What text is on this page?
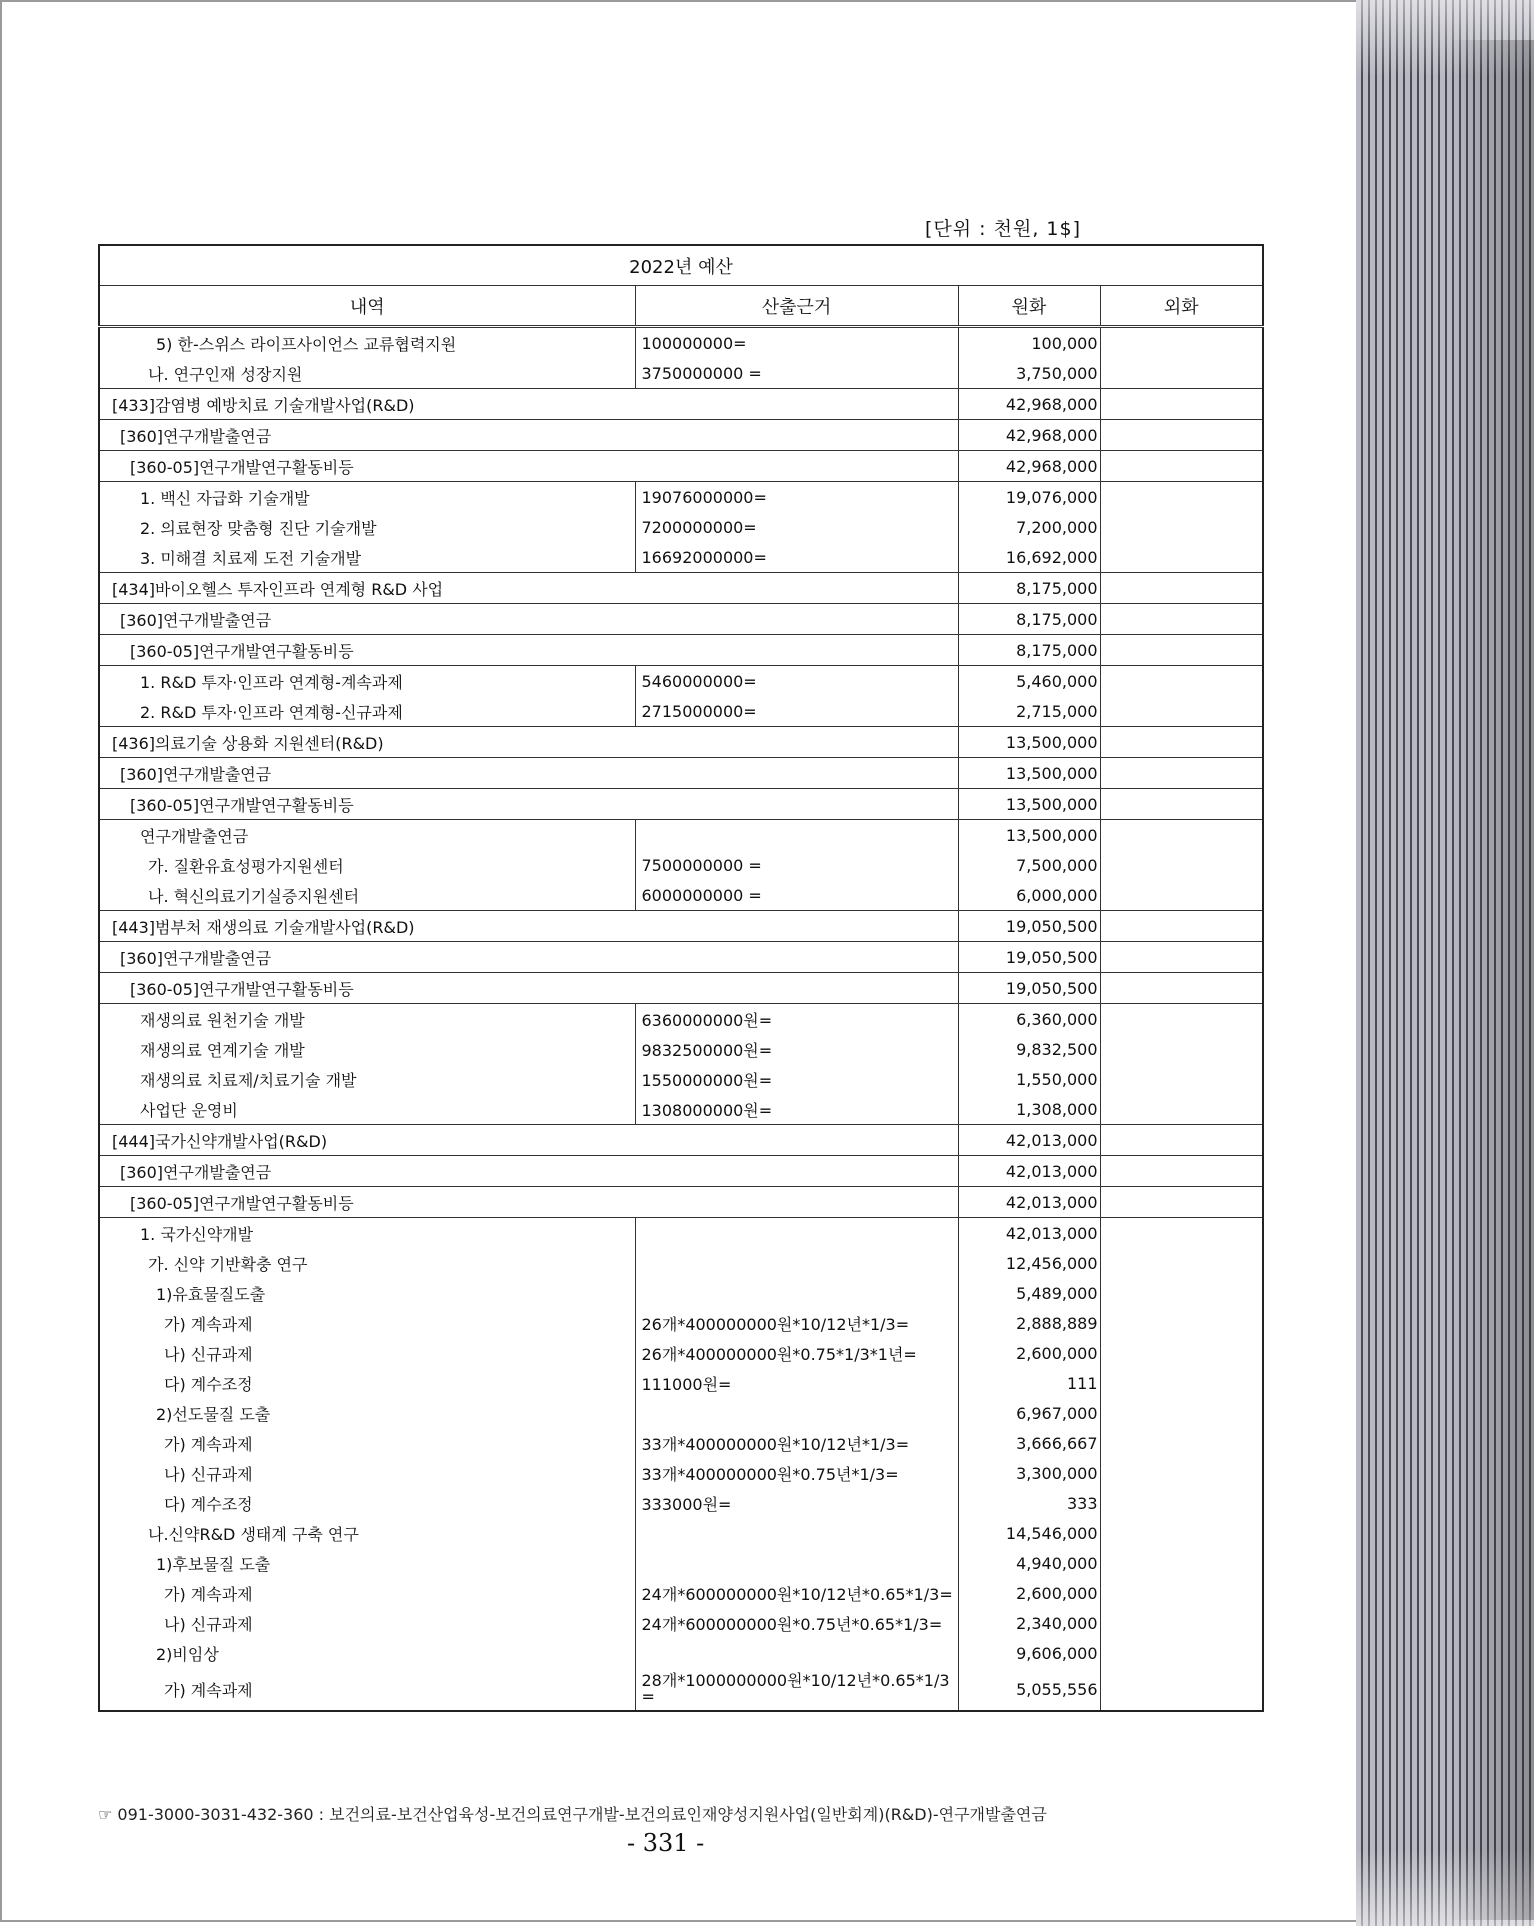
[단위 : 천원, 1$]
2022년 예산			
내역	산출근거	원화	외화
5) 한-스위스 라이프사이언스 교류협력지원	100000000=	100,000	
나. 연구인재 성장지원	3750000000 =	3,750,000	
[433]감염병 예방치료 기술개발사업(R&D)		42,968,000	
[360]연구개발출연금		42,968,000	
[360-05]연구개발연구활동비등		42,968,000	
1. 백신 자급화 기술개발	19076000000=	19,076,000	
2. 의료현장 맞춤형 진단 기술개발	7200000000=	7,200,000	
3. 미해결 치료제 도전 기술개발	16692000000=	16,692,000	
[434]바이오헬스 투자인프라 연계형 R&D 사업		8,175,000	
[360]연구개발출연금		8,175,000	
[360-05]연구개발연구활동비등		8,175,000	
1. R&D 투자·인프라 연계형-계속과제	5460000000=	5,460,000	
2. R&D 투자·인프라 연계형-신규과제	2715000000=	2,715,000	
[436]의료기술 상용화 지원센터(R&D)		13,500,000	
[360]연구개발출연금		13,500,000	
[360-05]연구개발연구활동비등		13,500,000	
연구개발출연금		13,500,000	
가. 질환유효성평가지원센터	7500000000 =	7,500,000	
나. 혁신의료기기실증지원센터	6000000000 =	6,000,000	
[443]범부처 재생의료 기술개발사업(R&D)		19,050,500	
[360]연구개발출연금		19,050,500	
[360-05]연구개발연구활동비등		19,050,500	
재생의료 원천기술 개발	6360000000원=	6,360,000	
재생의료 연계기술 개발	9832500000원=	9,832,500	
재생의료 치료제/치료기술 개발	1550000000원=	1,550,000	
사업단 운영비	1308000000원=	1,308,000	
[444]국가신약개발사업(R&D)		42,013,000	
[360]연구개발출연금		42,013,000	
[360-05]연구개발연구활동비등		42,013,000	
1. 국가신약개발		42,013,000	
가. 신약 기반확충 연구		12,456,000	
1)유효물질도출		5,489,000	
가) 계속과제	26개*400000000원*10/12년*1/3=	2,888,889	
나) 신규과제	26개*400000000원*0.75*1/3*1년=	2,600,000	
다) 계수조정	111000원=	111	
2)선도물질 도출		6,967,000	
가) 계속과제	33개*400000000원*10/12년*1/3=	3,666,667	
나) 신규과제	33개*400000000원*0.75년*1/3=	3,300,000	
다) 계수조정	333000원=	333	
나.신약R&D 생태계 구축 연구		14,546,000	
1)후보물질 도출		4,940,000	
가) 계속과제	24개*600000000원*10/12년*0.65*1/3=	2,600,000	
나) 신규과제	24개*600000000원*0.75년*0.65*1/3=	2,340,000	
2)비임상		9,606,000	
가) 계속과제	28개*1000000000원*10/12년*0.65*1/3 =	5,055,556	
☞ 091-3000-3031-432-360 : 보건의료-보건산업육성-보건의료연구개발-보건의료인재양성지원사업(일반회계)(R&D)-연구개발출연금
- 331 -
